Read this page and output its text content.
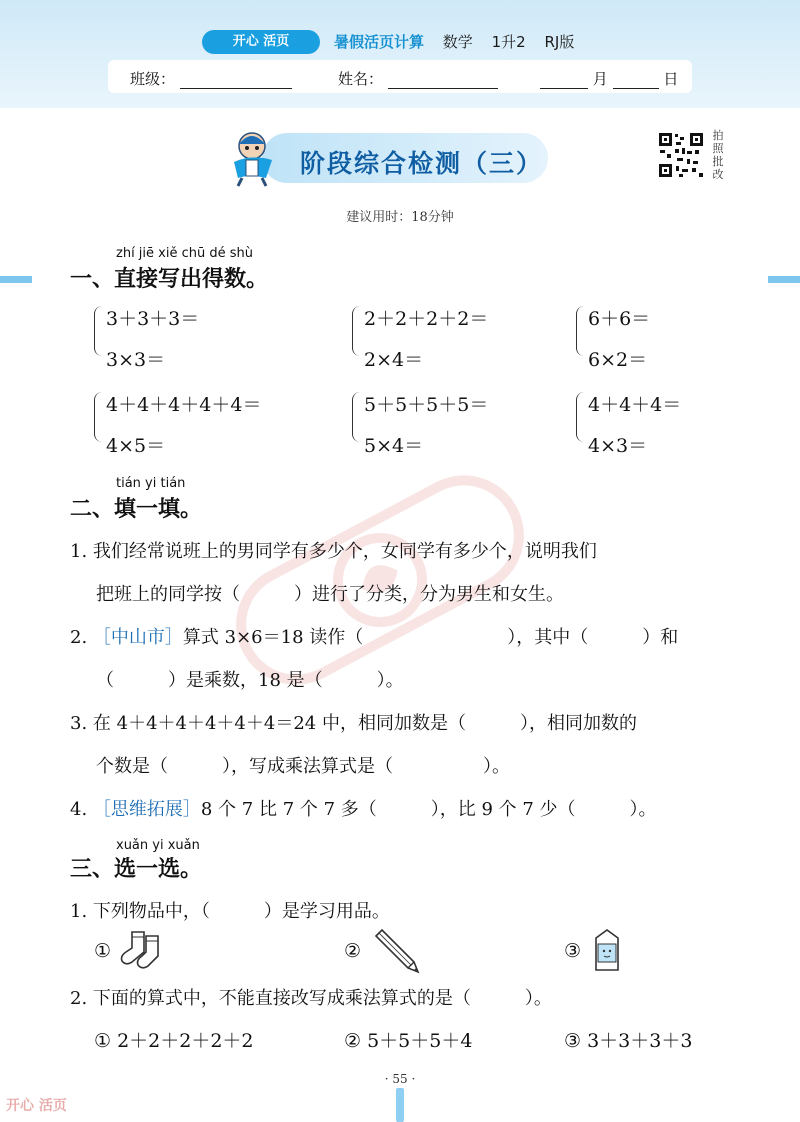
开心 活页	暑假活页计算 数学 1升2 RJ版
班级：	姓名：	月	日
阶段综合检测（三）
拍
照
批
改
建议用时：18分钟
zhí jiē xiě chū dé shù
一、直接写出得数。
3＋3＋3＝
3×3＝
2＋2＋2＋2＝
2×4＝
6＋6＝
6×2＝
4＋4＋4＋4＋4＝
4×5＝
5＋5＋5＋5＝
5×4＝
4＋4＋4＝
4×3＝
tián yi tián
二、填一填。
1. 我们经常说班上的男同学有多少个，女同学有多少个，说明我们
把班上的同学按（　　　）进行了分类，分为男生和女生。
2. ［中山市］算式 3×6＝18 读作（　　　　　　　　），其中（　　　）和
（　　　）是乘数，18 是（　　　）。
3. 在 4＋4＋4＋4＋4＋4＝24 中，相同加数是（　　　），相同加数的
个数是（　　　），写成乘法算式是（　　　　　）。
4. ［思维拓展］8 个 7 比 7 个 7 多（　　　），比 9 个 7 少（　　　）。
xuǎn yi xuǎn
三、选一选。
1. 下列物品中，（　　　）是学习用品。
①	②	③
2. 下面的算式中，不能直接改写成乘法算式的是（　　　）。
① 2＋2＋2＋2＋2	② 5＋5＋5＋4	③ 3＋3＋3＋3
· 55 ·
开心 活页
